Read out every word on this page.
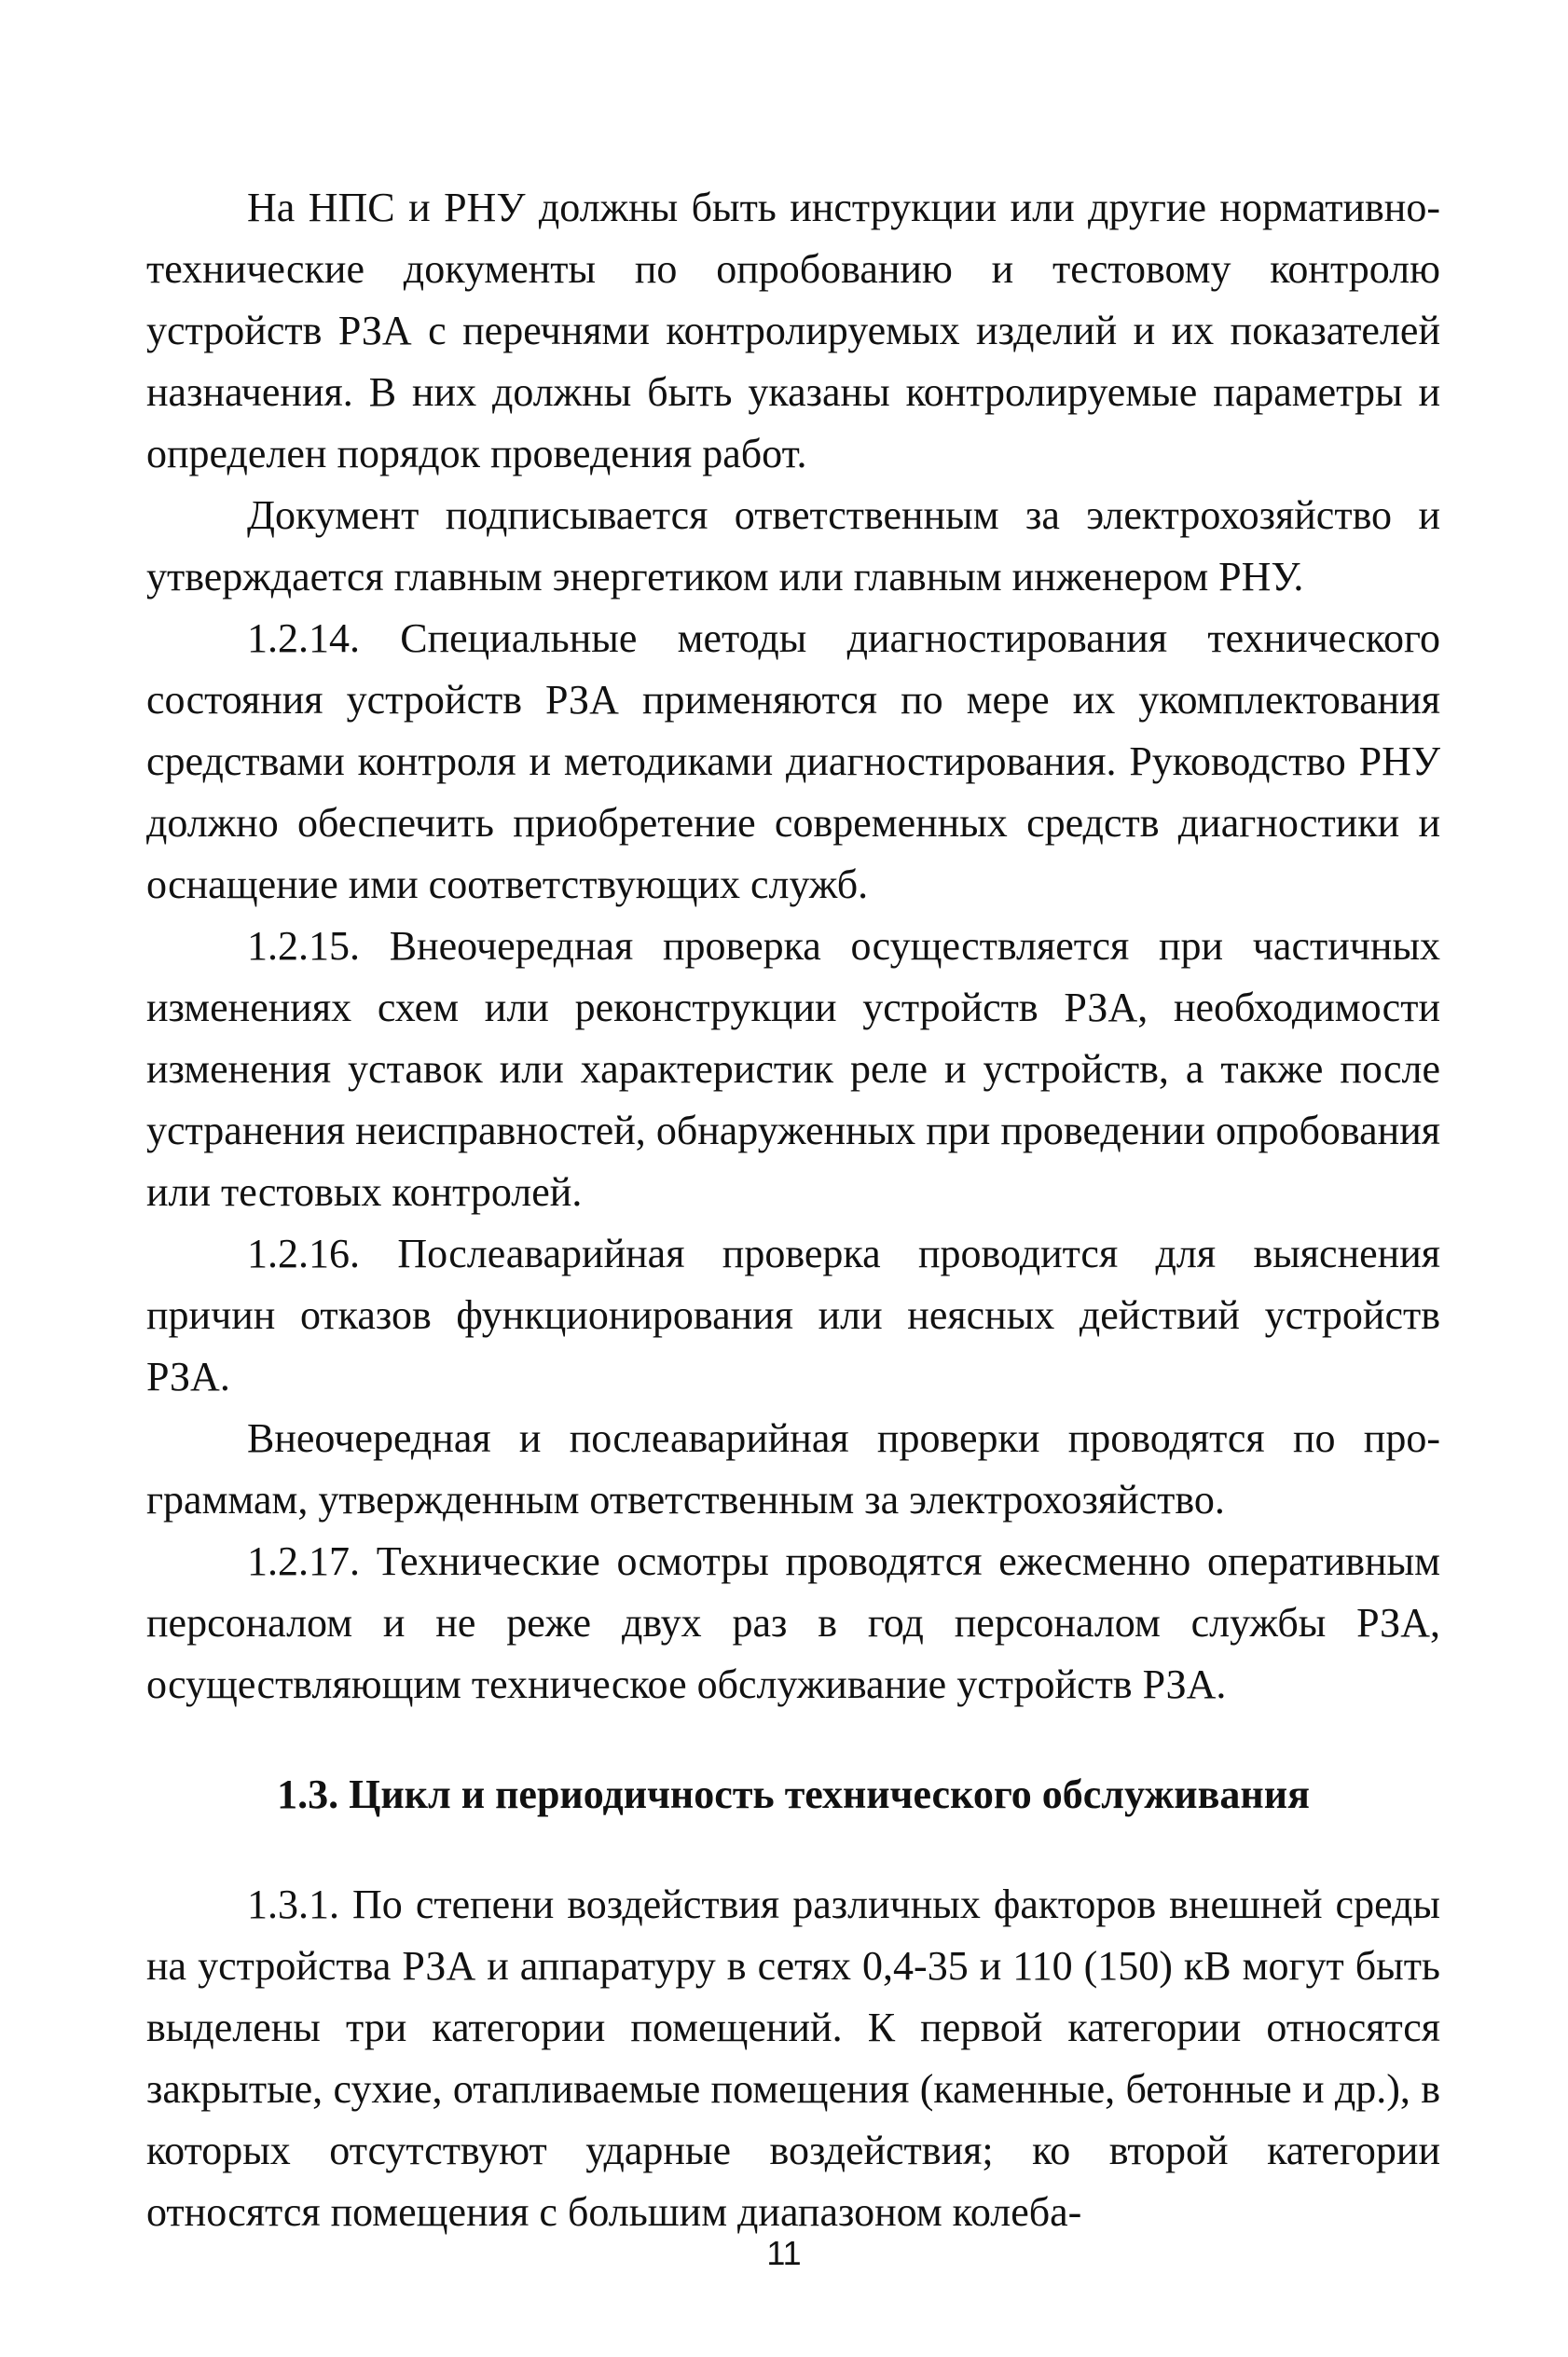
На НПС и РНУ должны быть инструкции или другие нормативно-технические документы по опробованию и тестовому контролю устройств РЗА с перечнями контролируемых изделий и их показателей назначения. В них должны быть указаны контролируемые параметры и определен порядок проведения работ.

Документ подписывается ответственным за электрохозяйство и утверждается главным энергетиком или главным инженером РНУ.

1.2.14. Специальные методы диагностирования технического состояния устройств РЗА применяются по мере их укомплектования средствами контроля и методиками диагностирования. Руководство РНУ должно обеспечить приобретение современных средств диагностики и оснащение ими соответствующих служб.

1.2.15. Внеочередная проверка осуществляется при частичных изменениях схем или реконструкции устройств РЗА, необходимости изменения уставок или характеристик реле и устройств, а также после устранения неисправностей, обнаруженных при проведении опробования или тестовых контролей.

1.2.16. Послеаварийная проверка проводится для выяснения причин отказов функционирования или неясных действий устройств РЗА.

Внеочередная и послеаварийная проверки проводятся по программам, утвержденным ответственным за электрохозяйство.

1.2.17. Технические осмотры проводятся ежесменно оперативным персоналом и не реже двух раз в год персоналом службы РЗА, осуществляющим техническое обслуживание устройств РЗА.

1.3. Цикл и периодичность технического обслуживания

1.3.1. По степени воздействия различных факторов внешней среды на устройства РЗА и аппаратуру в сетях 0,4-35 и 110 (150) кВ могут быть выделены три категории помещений. К первой категории относятся закрытые, сухие, отапливаемые помещения (каменные, бетонные и др.), в которых отсутствуют ударные воздействия; ко второй категории относятся помещения с большим диапазоном колеба-

11
